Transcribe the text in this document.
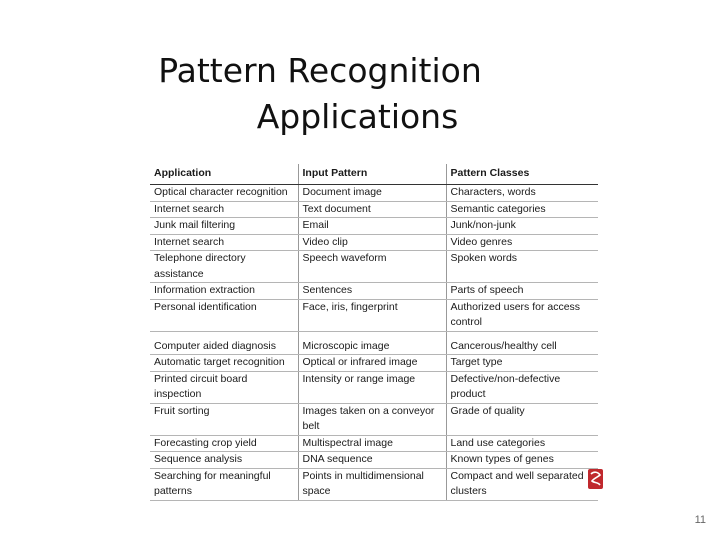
Pattern Recognition
Applications
Application	Input Pattern	Pattern Classes
Optical character recognition	Document image	Characters, words
Internet search	Text document	Semantic categories
Junk mail filtering	Email	Junk/non-junk
Internet search	Video clip	Video genres
Telephone directory assistance	Speech waveform	Spoken words
Information extraction	Sentences	Parts of speech
Personal identification	Face, iris, fingerprint	Authorized users for access control
Computer aided diagnosis	Microscopic image	Cancerous/healthy cell
Automatic target recognition	Optical or infrared image	Target type
Printed circuit board inspection	Intensity or range image	Defective/non-defective product
Fruit sorting	Images taken on a conveyor belt	Grade of quality
Forecasting crop yield	Multispectral image	Land use categories
Sequence analysis	DNA sequence	Known types of genes
Searching for meaningful patterns	Points in multidimensional space	Compact and well separated clusters
11
